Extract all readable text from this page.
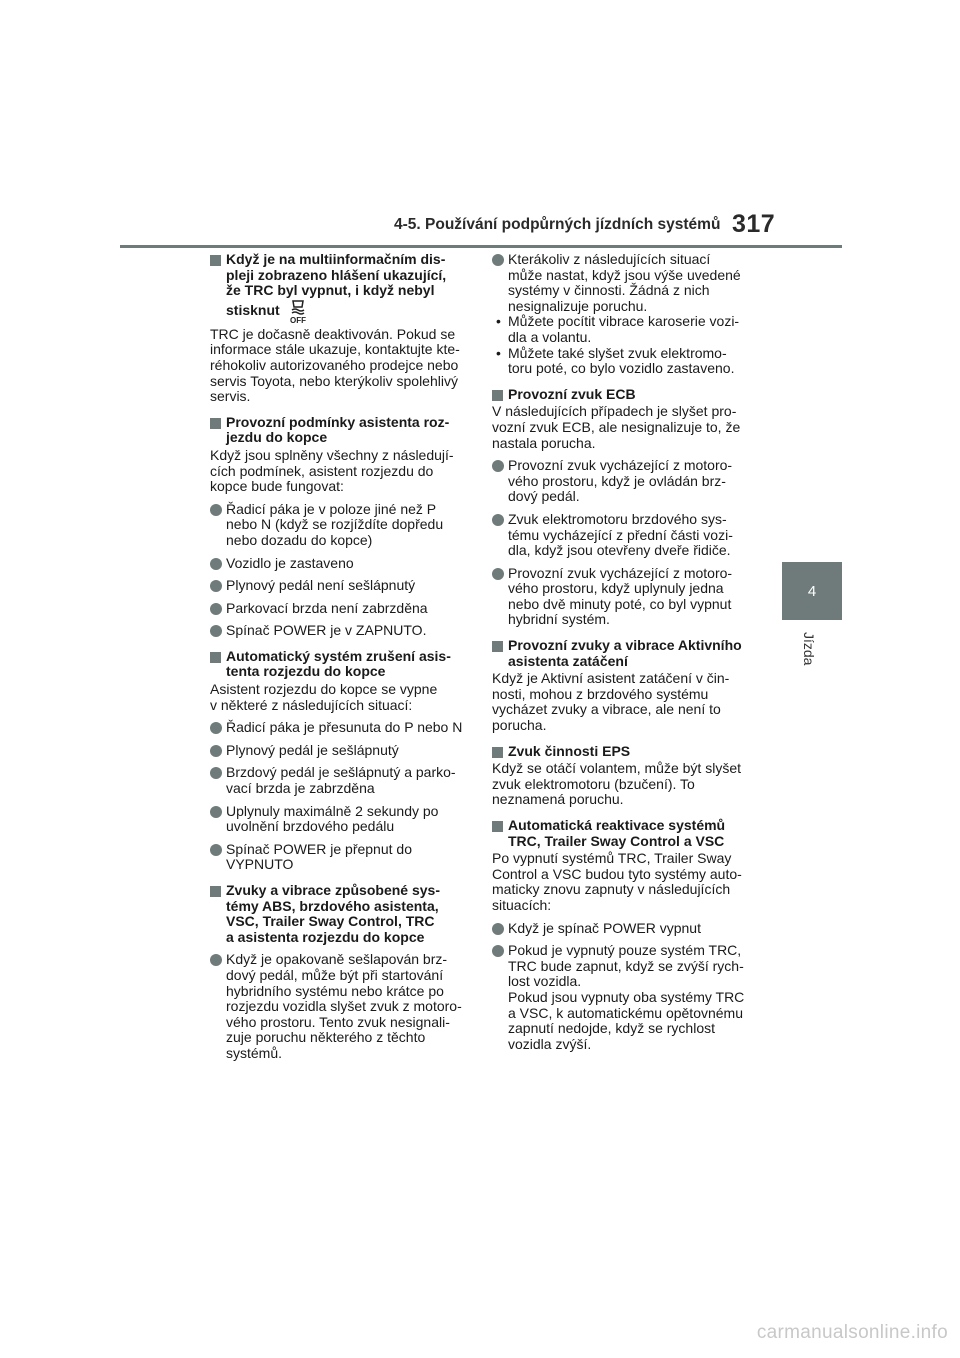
4-5. Používání podpůrných jízdních systémů 317
4
Jízda
Když je na multiinformačním dis-
pleji zobrazeno hlášení ukazující,
že TRC byl vypnut, i když nebyl
stisknut
OFF
TRC je dočasně deaktivován. Pokud se
informace stále ukazuje, kontaktujte kte-
réhokoliv autorizovaného prodejce nebo
servis Toyota, nebo kterýkoliv spolehlivý
servis.
Provozní podmínky asistenta roz-
jezdu do kopce
Když jsou splněny všechny z následují-
cích podmínek, asistent rozjezdu do
kopce bude fungovat:
Řadicí páka je v poloze jiné než P
nebo N (když se rozjíždíte dopředu
nebo dozadu do kopce)
Vozidlo je zastaveno
Plynový pedál není sešlápnutý
Parkovací brzda není zabrzděna
Spínač POWER je v ZAPNUTO.
Automatický systém zrušení asis-
tenta rozjezdu do kopce
Asistent rozjezdu do kopce se vypne
v některé z následujících situací:
Řadicí páka je přesunuta do P nebo N
Plynový pedál je sešlápnutý
Brzdový pedál je sešlápnutý a parko-
vací brzda je zabrzděna
Uplynuly maximálně 2 sekundy po
uvolnění brzdového pedálu
Spínač POWER je přepnut do
VYPNUTO
Zvuky a vibrace způsobené sys-
témy ABS, brzdového asistenta,
VSC, Trailer Sway Control, TRC
a asistenta rozjezdu do kopce
Když je opakovaně sešlapován brz-
dový pedál, může být při startování
hybridního systému nebo krátce po
rozjezdu vozidla slyšet zvuk z motoro-
vého prostoru. Tento zvuk nesignali-
zuje poruchu některého z těchto
systémů.
Kterákoliv z následujících situací
může nastat, když jsou výše uvedené
systémy v činnosti. Žádná z nich
nesignalizuje poruchu.
• Můžete pocítit vibrace karoserie vozi-
dla a volantu.
• Můžete také slyšet zvuk elektromo-
toru poté, co bylo vozidlo zastaveno.
Provozní zvuk ECB
V následujících případech je slyšet pro-
vozní zvuk ECB, ale nesignalizuje to, že
nastala porucha.
Provozní zvuk vycházející z motoro-
vého prostoru, když je ovládán brz-
dový pedál.
Zvuk elektromotoru brzdového sys-
tému vycházející z přední části vozi-
dla, když jsou otevřeny dveře řidiče.
Provozní zvuk vycházející z motoro-
vého prostoru, když uplynuly jedna
nebo dvě minuty poté, co byl vypnut
hybridní systém.
Provozní zvuky a vibrace Aktivního
asistenta zatáčení
Když je Aktivní asistent zatáčení v čin-
nosti, mohou z brzdového systému
vycházet zvuky a vibrace, ale není to
porucha.
Zvuk činnosti EPS
Když se otáčí volantem, může být slyšet
zvuk elektromotoru (bzučení). To
neznamená poruchu.
Automatická reaktivace systémů
TRC, Trailer Sway Control a VSC
Po vypnutí systémů TRC, Trailer Sway
Control a VSC budou tyto systémy auto-
maticky znovu zapnuty v následujících
situacích:
Když je spínač POWER vypnut
Pokud je vypnutý pouze systém TRC,
TRC bude zapnut, když se zvýší rych-
lost vozidla.
Pokud jsou vypnuty oba systémy TRC
a VSC, k automatickému opětovnému
zapnutí nedojde, když se rychlost
vozidla zvýší.
carmanualsonline.info
